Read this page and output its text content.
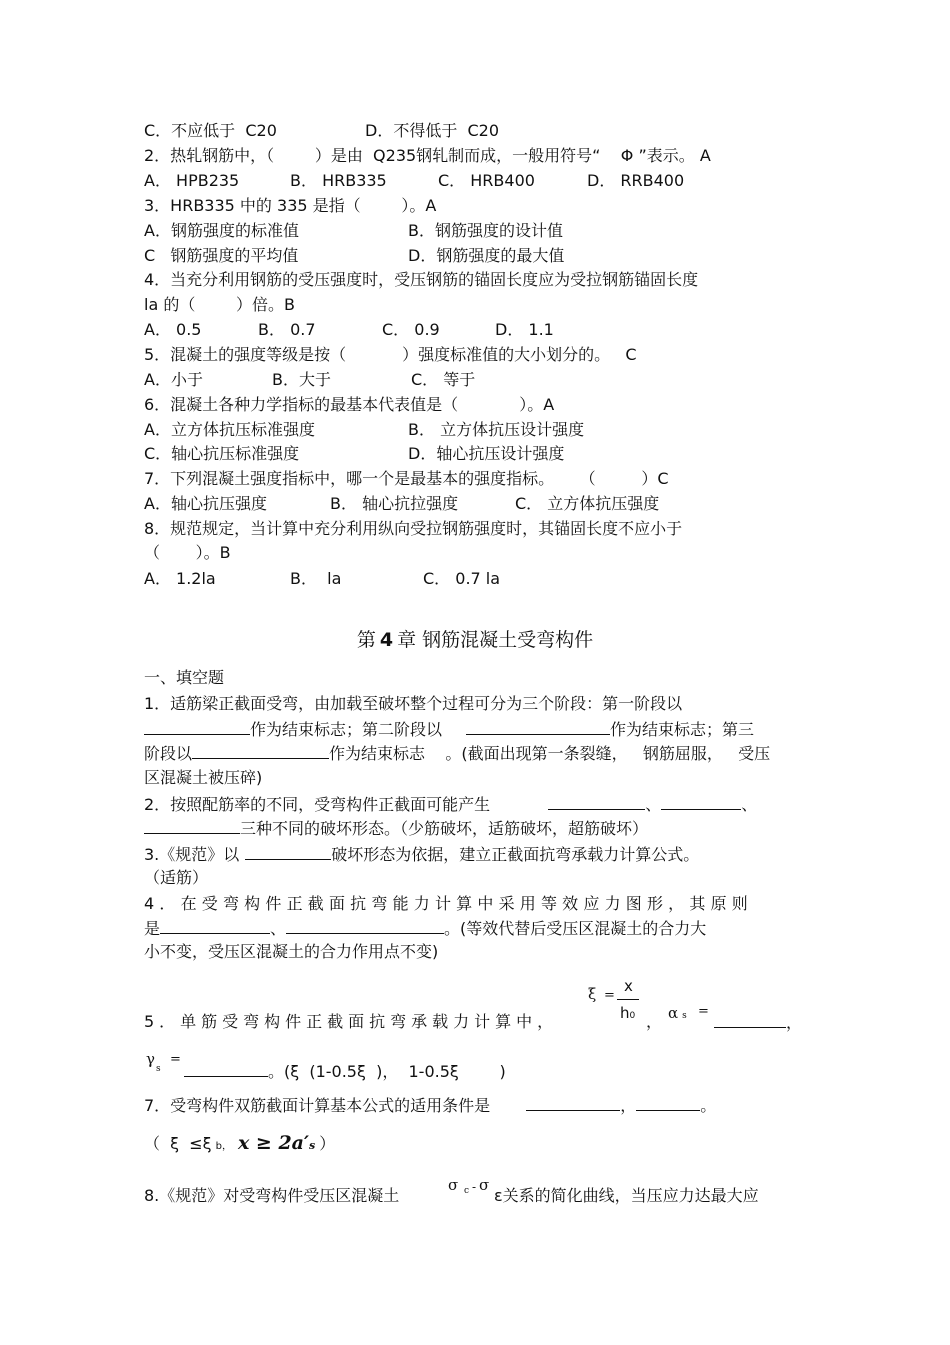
C．不应低于  C20	D．不得低于  C20
2．热轧钢筋中，（        ）是由  Q235钢轧制而成，一般用符号“    Φ ”表示。 A
A． HPB235	B． HRB335	C． HRB400	D． RRB400
3．HRB335 中的 335 是指（        ）。A
A．钢筋强度的标准值	B．钢筋强度的设计值
C   钢筋强度的平均值	D．钢筋强度的最大值
4．当充分利用钢筋的受压强度时，受压钢筋的锚固长度应为受拉钢筋锚固长度
la 的（        ）倍。B
A． 0.5	B． 0.7	C． 0.9	D． 1.1
5．混凝土的强度等级是按（           ）强度标准值的大小划分的。   C
A．小于	B．大于	C． 等于
6．混凝土各种力学指标的最基本代表值是（            ）。A
A．立方体抗压标准强度	B． 立方体抗压设计强度
C．轴心抗压标准强度	D．轴心抗压设计强度
7．下列混凝土强度指标中，哪一个是最基本的强度指标。     （         ）C
A．轴心抗压强度	B． 轴心抗拉强度	C． 立方体抗压强度
8．规范规定，当计算中充分利用纵向受拉钢筋强度时，其锚固长度不应小于
（       ）。B
A． 1.2la	B．  la	C． 0.7 la
第 4 章 钢筋混凝土受弯构件
一、填空题
1．适筋梁正截面受弯，由加载至破坏整个过程可分为三个阶段：第一阶段以
作为结束标志；第二阶段以	作为结束标志；第三
阶段以	作为结束标志    。(截面出现第一条裂缝，   钢筋屈服，   受压
区混凝土被压碎)
2．按照配筋率的不同，受弯构件正截面可能产生	、	、
三种不同的破坏形态。（少筋破坏，适筋破坏，超筋破坏）
3.《规范》以	破坏形态为依据，建立正截面抗弯承载力计算公式。
（适筋）
4．在受弯构件正截面抗弯能力计算中采用等效应力图形，其原则
是	、	。(等效代替后受压区混凝土的合力大
小不变，受压区混凝土的合力作用点不变)
ξ =
x
h0
5．单筋受弯构件正截面抗弯承载力计算中，	， αs =
，
γ
s
=
。(ξ  (1-0.5ξ  )，  1-0.5ξ        )
7．受弯构件双筋截面计算基本公式的适用条件是	，	。
（  ξ  ≤ξ b， x ≥ 2a′s ）
8.《规范》对受弯构件受压区混凝土
σ c - σ
ε关系的简化曲线，当压应力达最大应
